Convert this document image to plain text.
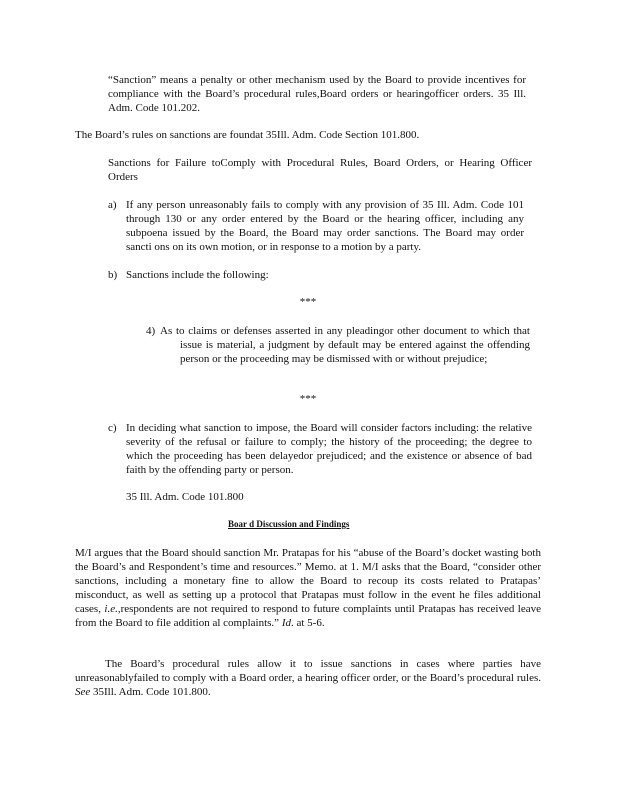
“Sanction” means a penalty or other mechanism used by the Board to provide incentives for compliance with the Board’s procedural rules,Board orders or hearingofficer orders. 35 Ill. Adm. Code 101.202.

The Board’s rules on sanctions are foundat 35Ill. Adm. Code Section 101.800.

Sanctions for Failure toComply with Procedural Rules, Board Orders, or Hearing Officer Orders

a) If any person unreasonably fails to comply with any provision of 35 Ill. Adm. Code 101 through 130 or any order entered by the Board or the hearing officer, including any subpoena issued by the Board, the Board may order sanctions. The Board may order sancti ons on its own motion, or in response to a motion by a party.
b) Sanctions include the following:
***
4) As to claims or defenses asserted in any pleadingor other document to which that issue is material, a judgment by default may be entered against the offending person or the proceeding may be dismissed with or without prejudice;
***
c) In deciding what sanction to impose, the Board will consider factors including: the relative severity of the refusal or failure to comply; the history of the proceeding; the degree to which the proceeding has been delayedor prejudiced; and the existence or absence of bad faith by the offending party or person.

35 Ill. Adm. Code 101.800

Boar d Discussion and Findings

M/I argues that the Board should sanction Mr. Pratapas for his “abuse of the Board’s docket wasting both the Board’s and Respondent’s time and resources.” Memo. at 1. M/I asks that the Board, “consider other sanctions, including a monetary fine to allow the Board to recoup its costs related to Pratapas’ misconduct, as well as setting up a protocol that Pratapas must follow in the event he files additional cases, i.e.,respondents are not required to respond to future complaints until Pratapas has received leave from the Board to file addition al complaints.” Id. at 5-6.

The Board’s procedural rules allow it to issue sanctions in cases where parties have unreasonablyfailed to comply with a Board order, a hearing officer order, or the Board’s procedural rules. See 35Ill. Adm. Code 101.800.
